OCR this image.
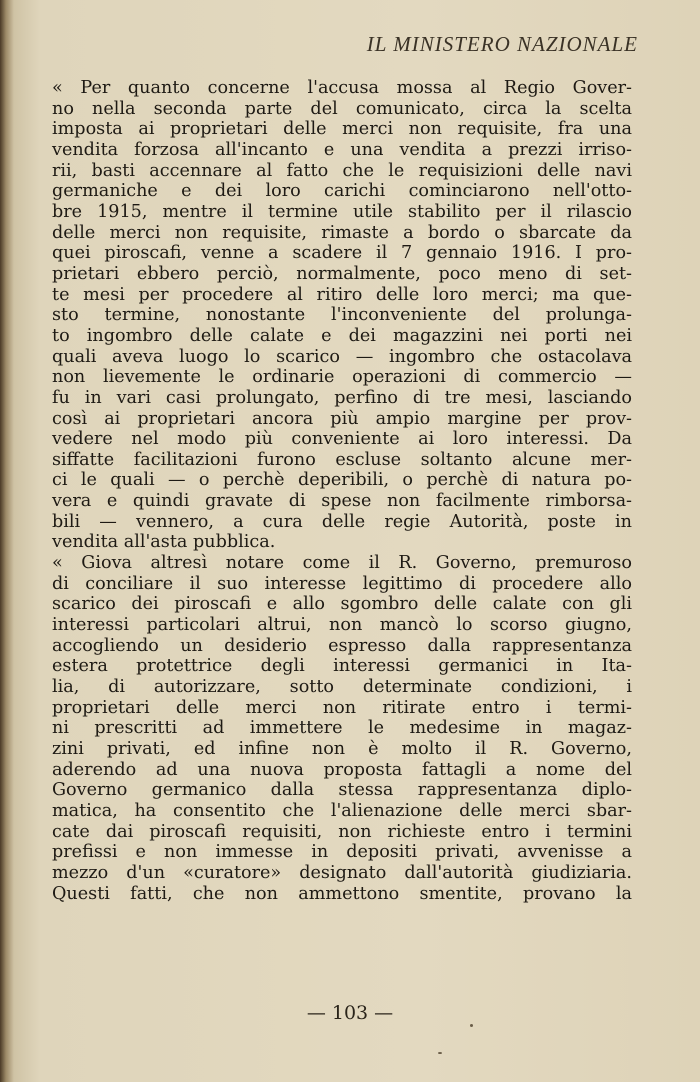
IL MINISTERO NAZIONALE
« Per quanto concerne l'accusa mossa al Regio Gover-
no nella seconda parte del comunicato, circa la scelta
imposta ai proprietari delle merci non requisite, fra una
vendita forzosa all'incanto e una vendita a prezzi irriso-
rii, basti accennare al fatto che le requisizioni delle navi
germaniche e dei loro carichi cominciarono nell'otto-
bre 1915, mentre il termine utile stabilito per il rilascio
delle merci non requisite, rimaste a bordo o sbarcate da
quei piroscafi, venne a scadere il 7 gennaio 1916. I pro-
prietari ebbero perciò, normalmente, poco meno di set-
te mesi per procedere al ritiro delle loro merci; ma que-
sto termine, nonostante l'inconveniente del prolunga-
to ingombro delle calate e dei magazzini nei porti nei
quali aveva luogo lo scarico — ingombro che ostacolava
non lievemente le ordinarie operazioni di commercio —
fu in vari casi prolungato, perfino di tre mesi, lasciando
così ai proprietari ancora più ampio margine per prov-
vedere nel modo più conveniente ai loro interessi. Da
siffatte facilitazioni furono escluse soltanto alcune mer-
ci le quali — o perchè deperibili, o perchè di natura po-
vera e quindi gravate di spese non facilmente rimborsa-
bili — vennero, a cura delle regie Autorità, poste in
vendita all'asta pubblica.
« Giova altresì notare come il R. Governo, premuroso
di conciliare il suo interesse legittimo di procedere allo
scarico dei piroscafi e allo sgombro delle calate con gli
interessi particolari altrui, non mancò lo scorso giugno,
accogliendo un desiderio espresso dalla rappresentanza
estera protettrice degli interessi germanici in Ita-
lia, di autorizzare, sotto determinate condizioni, i
proprietari delle merci non ritirate entro i termi-
ni prescritti ad immettere le medesime in magaz-
zini privati, ed infine non è molto il R. Governo,
aderendo ad una nuova proposta fattagli a nome del
Governo germanico dalla stessa rappresentanza diplo-
matica, ha consentito che l'alienazione delle merci sbar-
cate dai piroscafi requisiti, non richieste entro i termini
prefissi e non immesse in depositi privati, avvenisse a
mezzo d'un «curatore» designato dall'autorità giudiziaria.
Questi fatti, che non ammettono smentite, provano la
— 103 —
